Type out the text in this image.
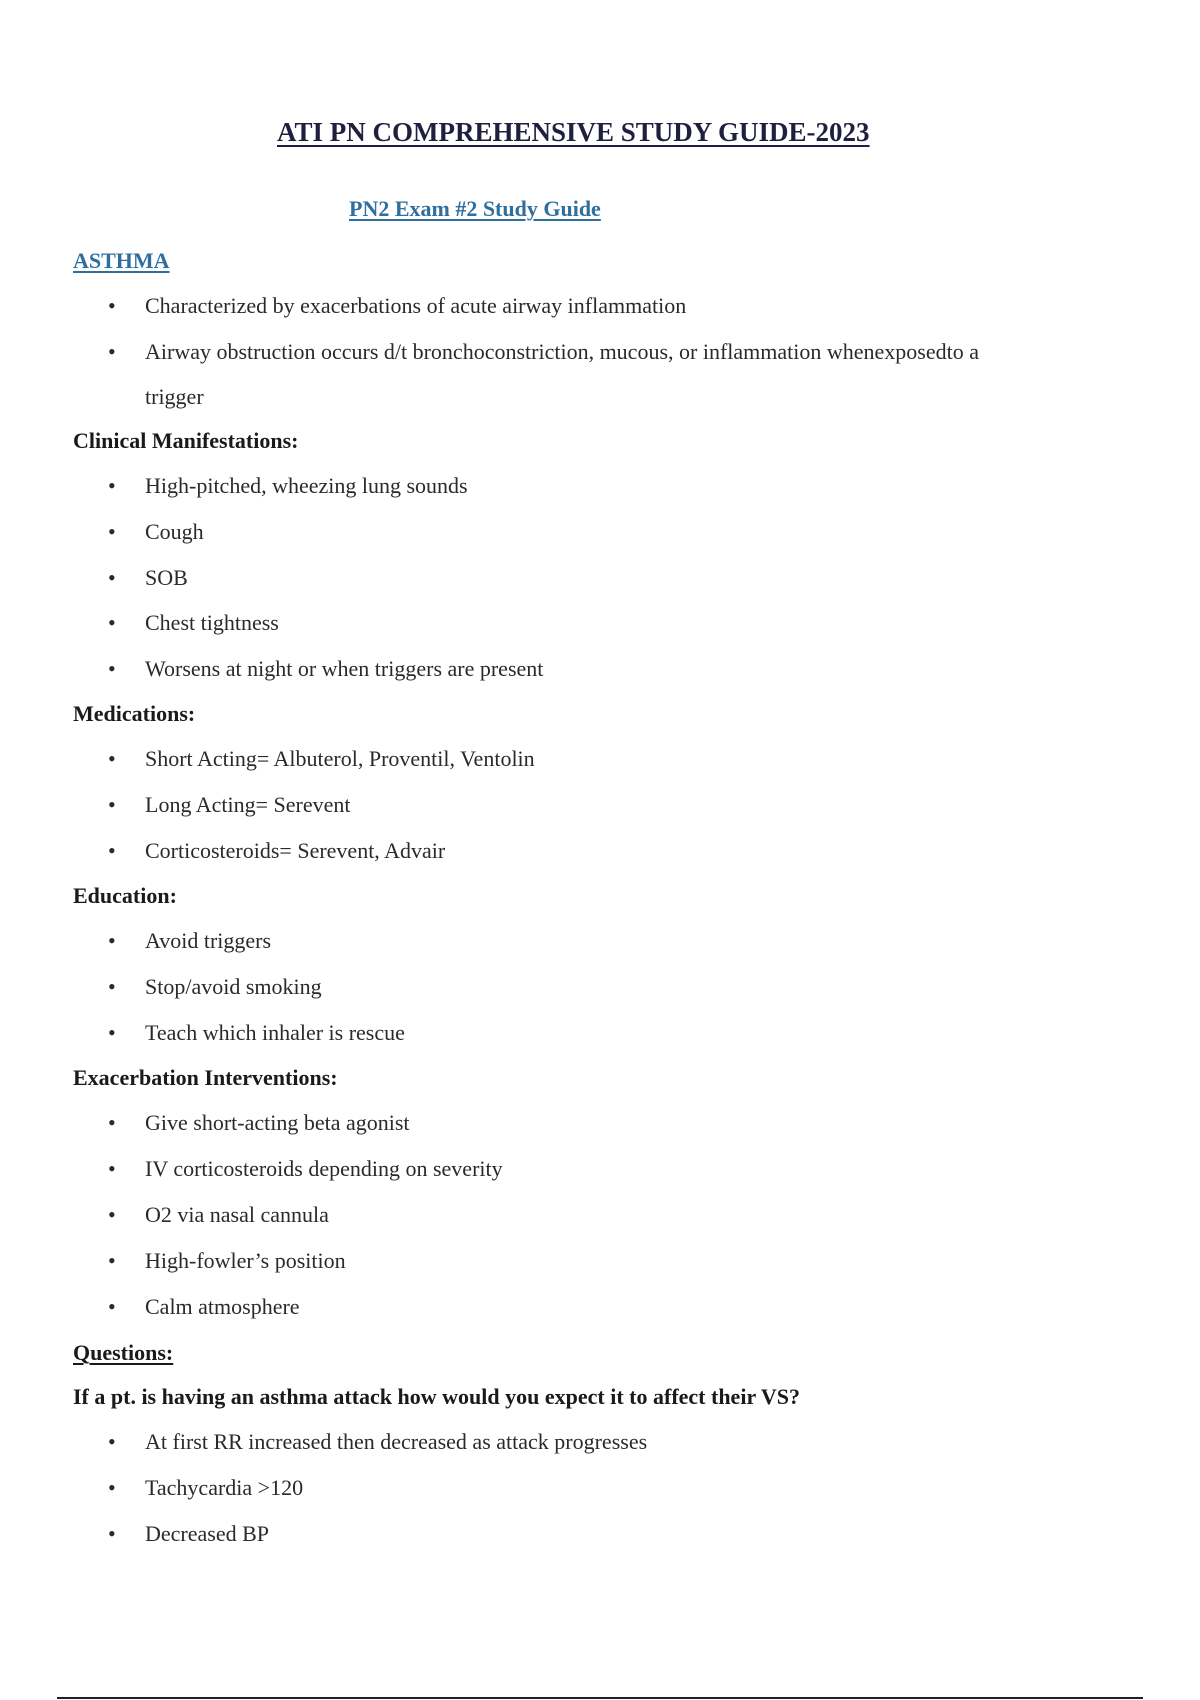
ATI PN COMPREHENSIVE STUDY GUIDE-2023
PN2 Exam #2 Study Guide
ASTHMA
• Characterized by exacerbations of acute airway inflammation
• Airway obstruction occurs d/t bronchoconstriction, mucous, or inflammation whenexposedto a
trigger
Clinical Manifestations:
• High-pitched, wheezing lung sounds
• Cough
• SOB
• Chest tightness
• Worsens at night or when triggers are present
Medications:
• Short Acting= Albuterol, Proventil, Ventolin
• Long Acting= Serevent
• Corticosteroids= Serevent, Advair
Education:
• Avoid triggers
• Stop/avoid smoking
• Teach which inhaler is rescue
Exacerbation Interventions:
• Give short-acting beta agonist
• IV corticosteroids depending on severity
• O2 via nasal cannula
• High-fowler’s position
• Calm atmosphere
Questions:
If a pt. is having an asthma attack how would you expect it to affect their VS?
• At first RR increased then decreased as attack progresses
• Tachycardia >120
• Decreased BP
